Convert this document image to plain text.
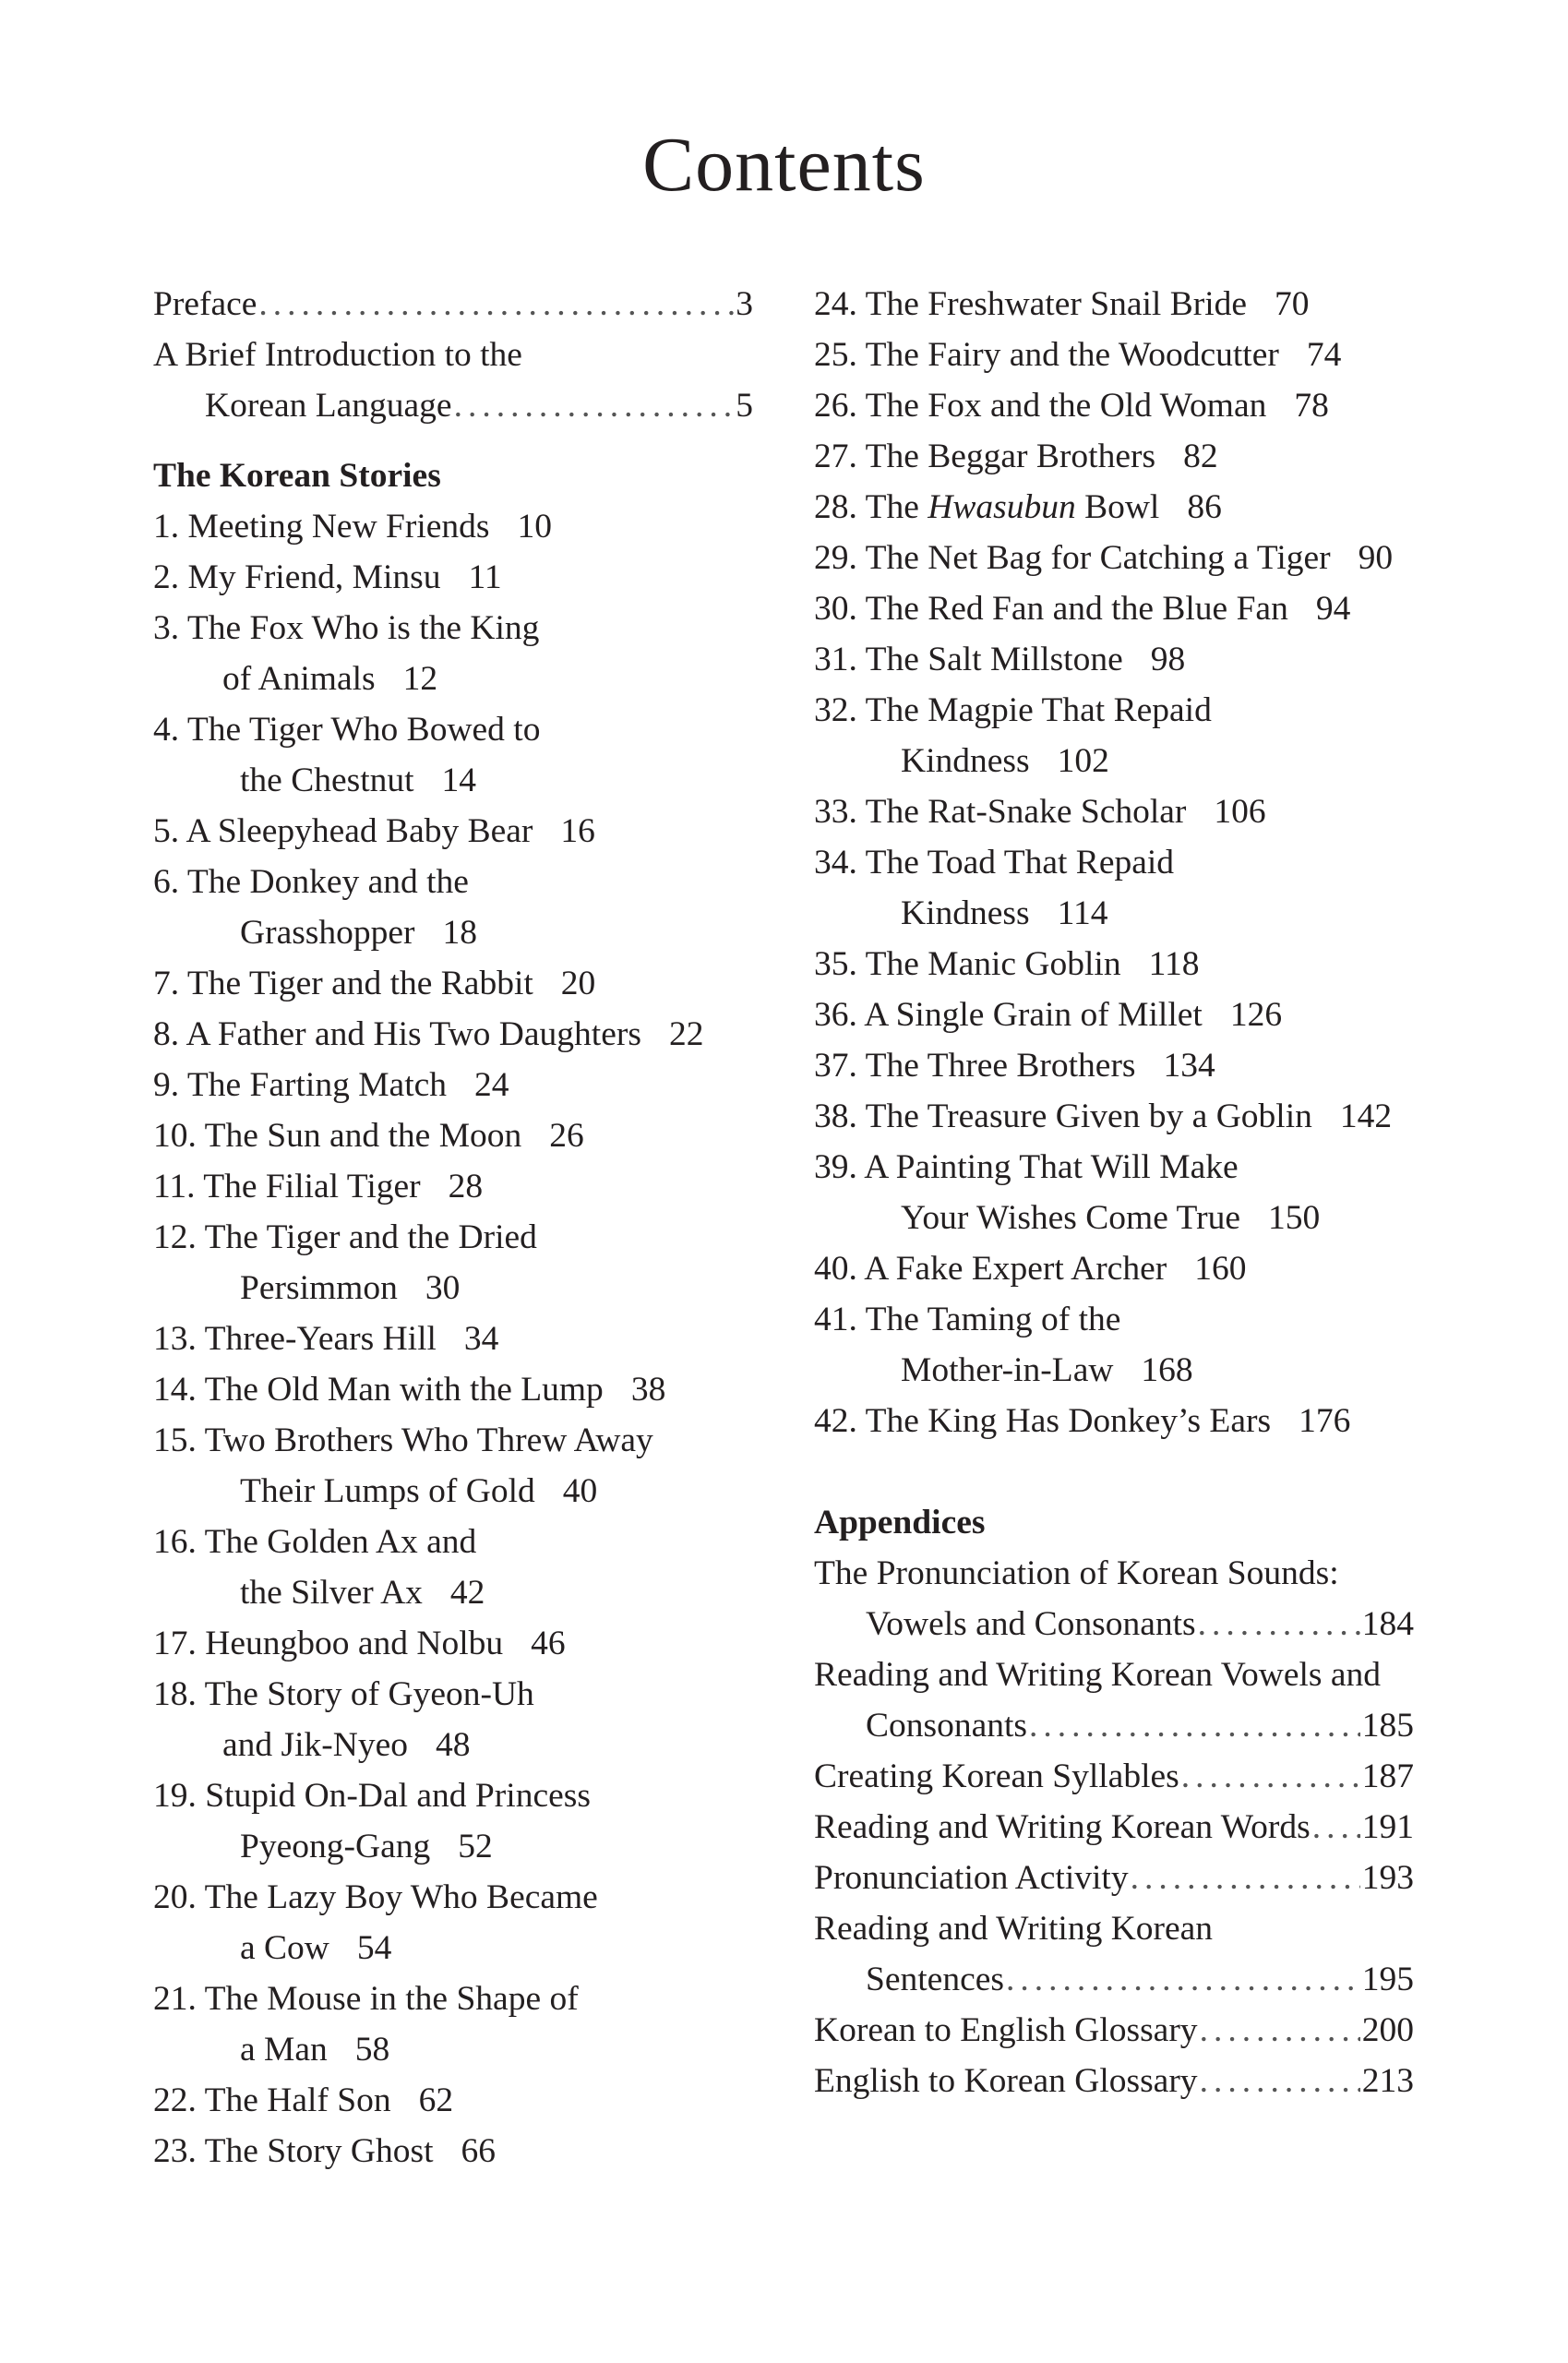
Contents
Preface .....	3
A Brief Introduction to the
Korean Language .....	5
The Korean Stories
1. Meeting New Friends 10
2. My Friend, Minsu 11
3. The Fox Who is the King
of Animals 12
4. The Tiger Who Bowed to
the Chestnut 14
5. A Sleepyhead Baby Bear 16
6. The Donkey and the
Grasshopper 18
7. The Tiger and the Rabbit 20
8. A Father and His Two Daughters 22
9. The Farting Match 24
10. The Sun and the Moon 26
11. The Filial Tiger 28
12. The Tiger and the Dried
Persimmon 30
13. Three-Years Hill 34
14. The Old Man with the Lump 38
15. Two Brothers Who Threw Away
Their Lumps of Gold 40
16. The Golden Ax and
the Silver Ax 42
17. Heungboo and Nolbu 46
18. The Story of Gyeon-Uh
and Jik-Nyeo 48
19. Stupid On-Dal and Princess
Pyeong-Gang 52
20. The Lazy Boy Who Became
a Cow 54
21. The Mouse in the Shape of
a Man 58
22. The Half Son 62
23. The Story Ghost 66
24. The Freshwater Snail Bride 70
25. The Fairy and the Woodcutter 74
26. The Fox and the Old Woman 78
27. The Beggar Brothers 82
28. The Hwasubun Bowl 86
29. The Net Bag for Catching a Tiger 90
30. The Red Fan and the Blue Fan 94
31. The Salt Millstone 98
32. The Magpie That Repaid
Kindness 102
33. The Rat-Snake Scholar 106
34. The Toad That Repaid
Kindness 114
35. The Manic Goblin 118
36. A Single Grain of Millet 126
37. The Three Brothers 134
38. The Treasure Given by a Goblin 142
39. A Painting That Will Make
Your Wishes Come True 150
40. A Fake Expert Archer 160
41. The Taming of the
Mother-in-Law 168
42. The King Has Donkey’s Ears 176
Appendices
The Pronunciation of Korean Sounds:
Vowels and Consonants .....	184
Reading and Writing Korean Vowels and
Consonants .....	185
Creating Korean Syllables .....	187
Reading and Writing Korean Words ..... 191
Pronunciation Activity .....	193
Reading and Writing Korean
Sentences .....	195
Korean to English Glossary .....	200
English to Korean Glossary .....	213
